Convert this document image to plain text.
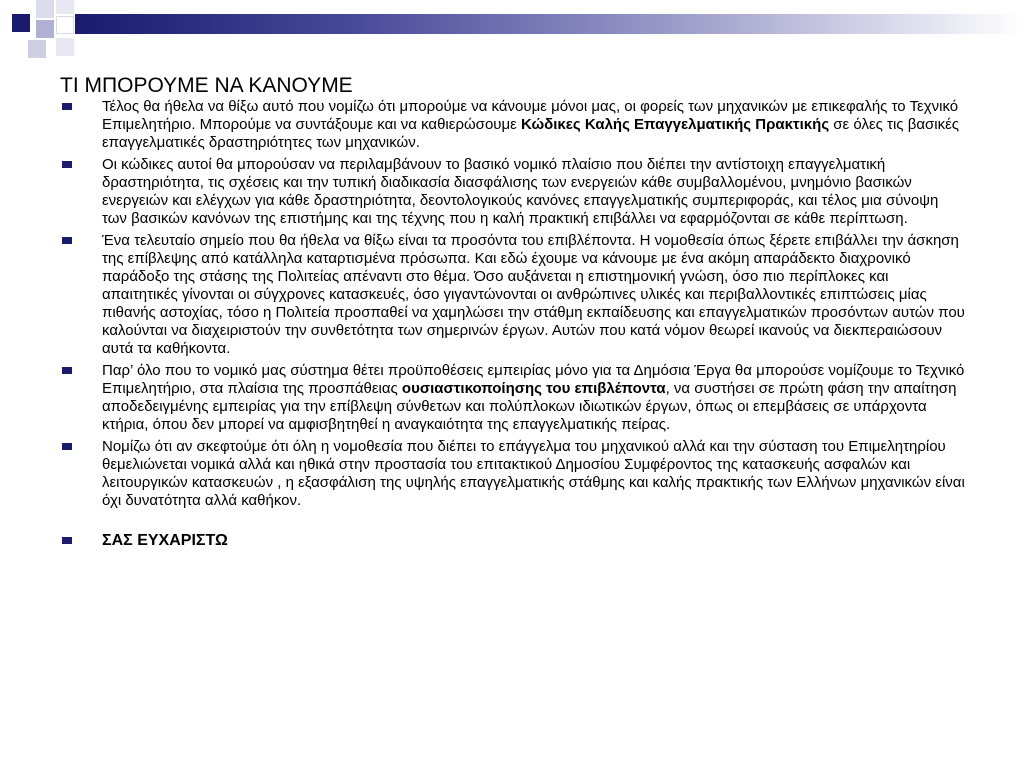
ΤΙ ΜΠΟΡΟΥΜΕ ΝΑ ΚΑΝΟΥΜΕ
Τέλος θα ήθελα να θίξω αυτό που νομίζω ότι μπορούμε να κάνουμε μόνοι μας, οι φορείς των μηχανικών με επικεφαλής το Τεχνικό Επιμελητήριο. Μπορούμε να συντάξουμε και να καθιερώσουμε Κώδικες Καλής Επαγγελματικής Πρακτικής σε όλες τις βασικές επαγγελματικές δραστηριότητες των μηχανικών.
Οι κώδικες αυτοί θα μπορούσαν να περιλαμβάνουν το βασικό νομικό πλαίσιο που διέπει την αντίστοιχη επαγγελματική δραστηριότητα, τις σχέσεις και την τυπική διαδικασία διασφάλισης των ενεργειών κάθε συμβαλλομένου, μνημόνιο βασικών ενεργειών και ελέγχων για κάθε δραστηριότητα, δεοντολογικούς κανόνες επαγγελματικής συμπεριφοράς, και τέλος μια σύνοψη των βασικών κανόνων της επιστήμης και της τέχνης που η καλή πρακτική επιβάλλει να εφαρμόζονται σε κάθε περίπτωση.
Ένα τελευταίο σημείο που θα ήθελα να θίξω είναι τα προσόντα του επιβλέποντα. Η νομοθεσία όπως ξέρετε επιβάλλει την άσκηση της επίβλεψης από κατάλληλα καταρτισμένα πρόσωπα. Και εδώ έχουμε να κάνουμε με ένα ακόμη απαράδεκτο διαχρονικό παράδοξο της στάσης της Πολιτείας απέναντι στο θέμα. Όσο αυξάνεται η επιστημονική γνώση, όσο πιο περίπλοκες και απαιτητικές γίνονται οι σύγχρονες κατασκευές, όσο γιγαντώνονται οι ανθρώπινες υλικές και περιβαλλοντικές επιπτώσεις μίας πιθανής αστοχίας, τόσο η Πολιτεία προσπαθεί να χαμηλώσει την στάθμη εκπαίδευσης και επαγγελματικών προσόντων αυτών που καλούνται να διαχειριστούν την συνθετότητα των σημερινών έργων. Αυτών που κατά νόμον θεωρεί ικανούς να διεκπεραιώσουν αυτά τα καθήκοντα.
Παρ’ όλο που το νομικό μας σύστημα θέτει προϋποθέσεις εμπειρίας μόνο για τα Δημόσια Έργα θα μπορούσε νομίζουμε το Τεχνικό Επιμελητήριο, στα πλαίσια της προσπάθειας ουσιαστικοποίησης του επιβλέποντα, να συστήσει σε πρώτη φάση την απαίτηση αποδεδειγμένης εμπειρίας για την επίβλεψη σύνθετων και πολύπλοκων ιδιωτικών έργων, όπως οι επεμβάσεις σε υπάρχοντα κτήρια, όπου δεν μπορεί να αμφισβητηθεί η αναγκαιότητα της επαγγελματικής πείρας.
Νομίζω ότι αν σκεφτούμε ότι όλη η νομοθεσία που διέπει το επάγγελμα του μηχανικού αλλά και την σύσταση του Επιμελητηρίου θεμελιώνεται νομικά αλλά και ηθικά στην προστασία του επιτακτικού Δημοσίου Συμφέροντος της κατασκευής ασφαλών και λειτουργικών κατασκευών , η εξασφάλιση της υψηλής επαγγελματικής στάθμης και καλής πρακτικής των Ελλήνων μηχανικών είναι όχι δυνατότητα αλλά καθήκον.
ΣΑΣ ΕΥΧΑΡΙΣΤΩ
